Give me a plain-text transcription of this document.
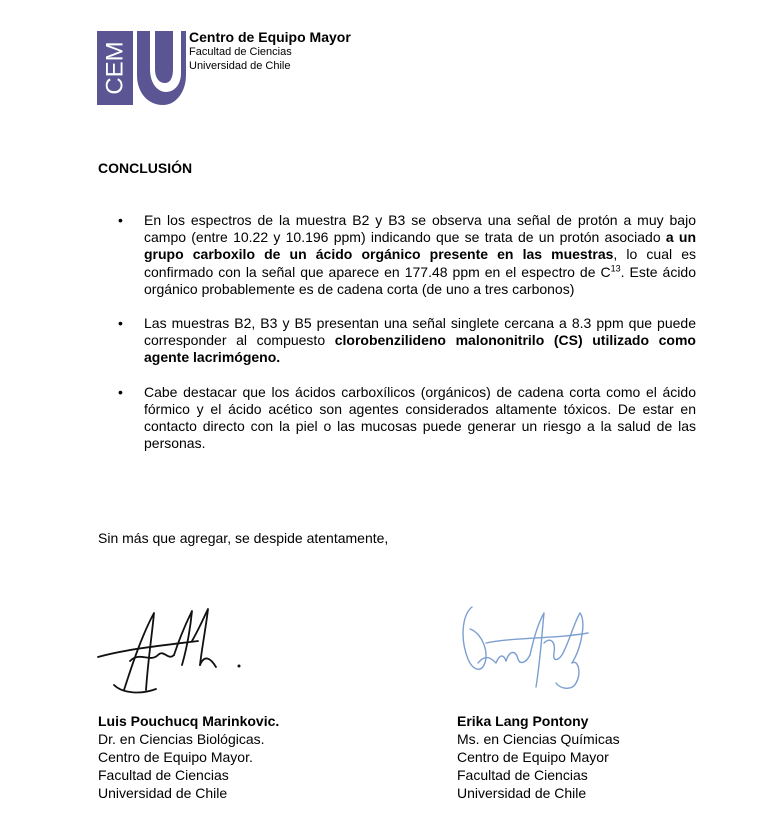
CEM
Centro de Equipo Mayor
Facultad de Ciencias
Universidad de Chile
CONCLUSIÓN
• En los espectros de la muestra B2 y B3 se observa una señal de protón a muy bajo campo (entre 10.22 y 10.196 ppm) indicando que se trata de un protón asociado a un grupo carboxilo de un ácido orgánico presente en las muestras, lo cual es confirmado con la señal que aparece en 177.48 ppm en el espectro de $C^{13}$. Este ácido orgánico probablemente es de cadena corta (de uno a tres carbonos)
• Las muestras B2, B3 y B5 presentan una señal singlete cercana a 8.3 ppm que puede corresponder al compuesto clorobenzilideno malononitrilo (CS) utilizado como agente lacrimógeno.
• Cabe destacar que los ácidos carboxílicos (orgánicos) de cadena corta como el ácido fórmico y el ácido acético son agentes considerados altamente tóxicos. De estar en contacto directo con la piel o las mucosas puede generar un riesgo a la salud de las personas.
Sin más que agregar, se despide atentamente,
Luis Pouchucq Marinkovic.
Dr. en Ciencias Biológicas.
Centro de Equipo Mayor.
Facultad de Ciencias
Universidad de Chile
Erika Lang Pontony
Ms. en Ciencias Químicas
Centro de Equipo Mayor
Facultad de Ciencias
Universidad de Chile
